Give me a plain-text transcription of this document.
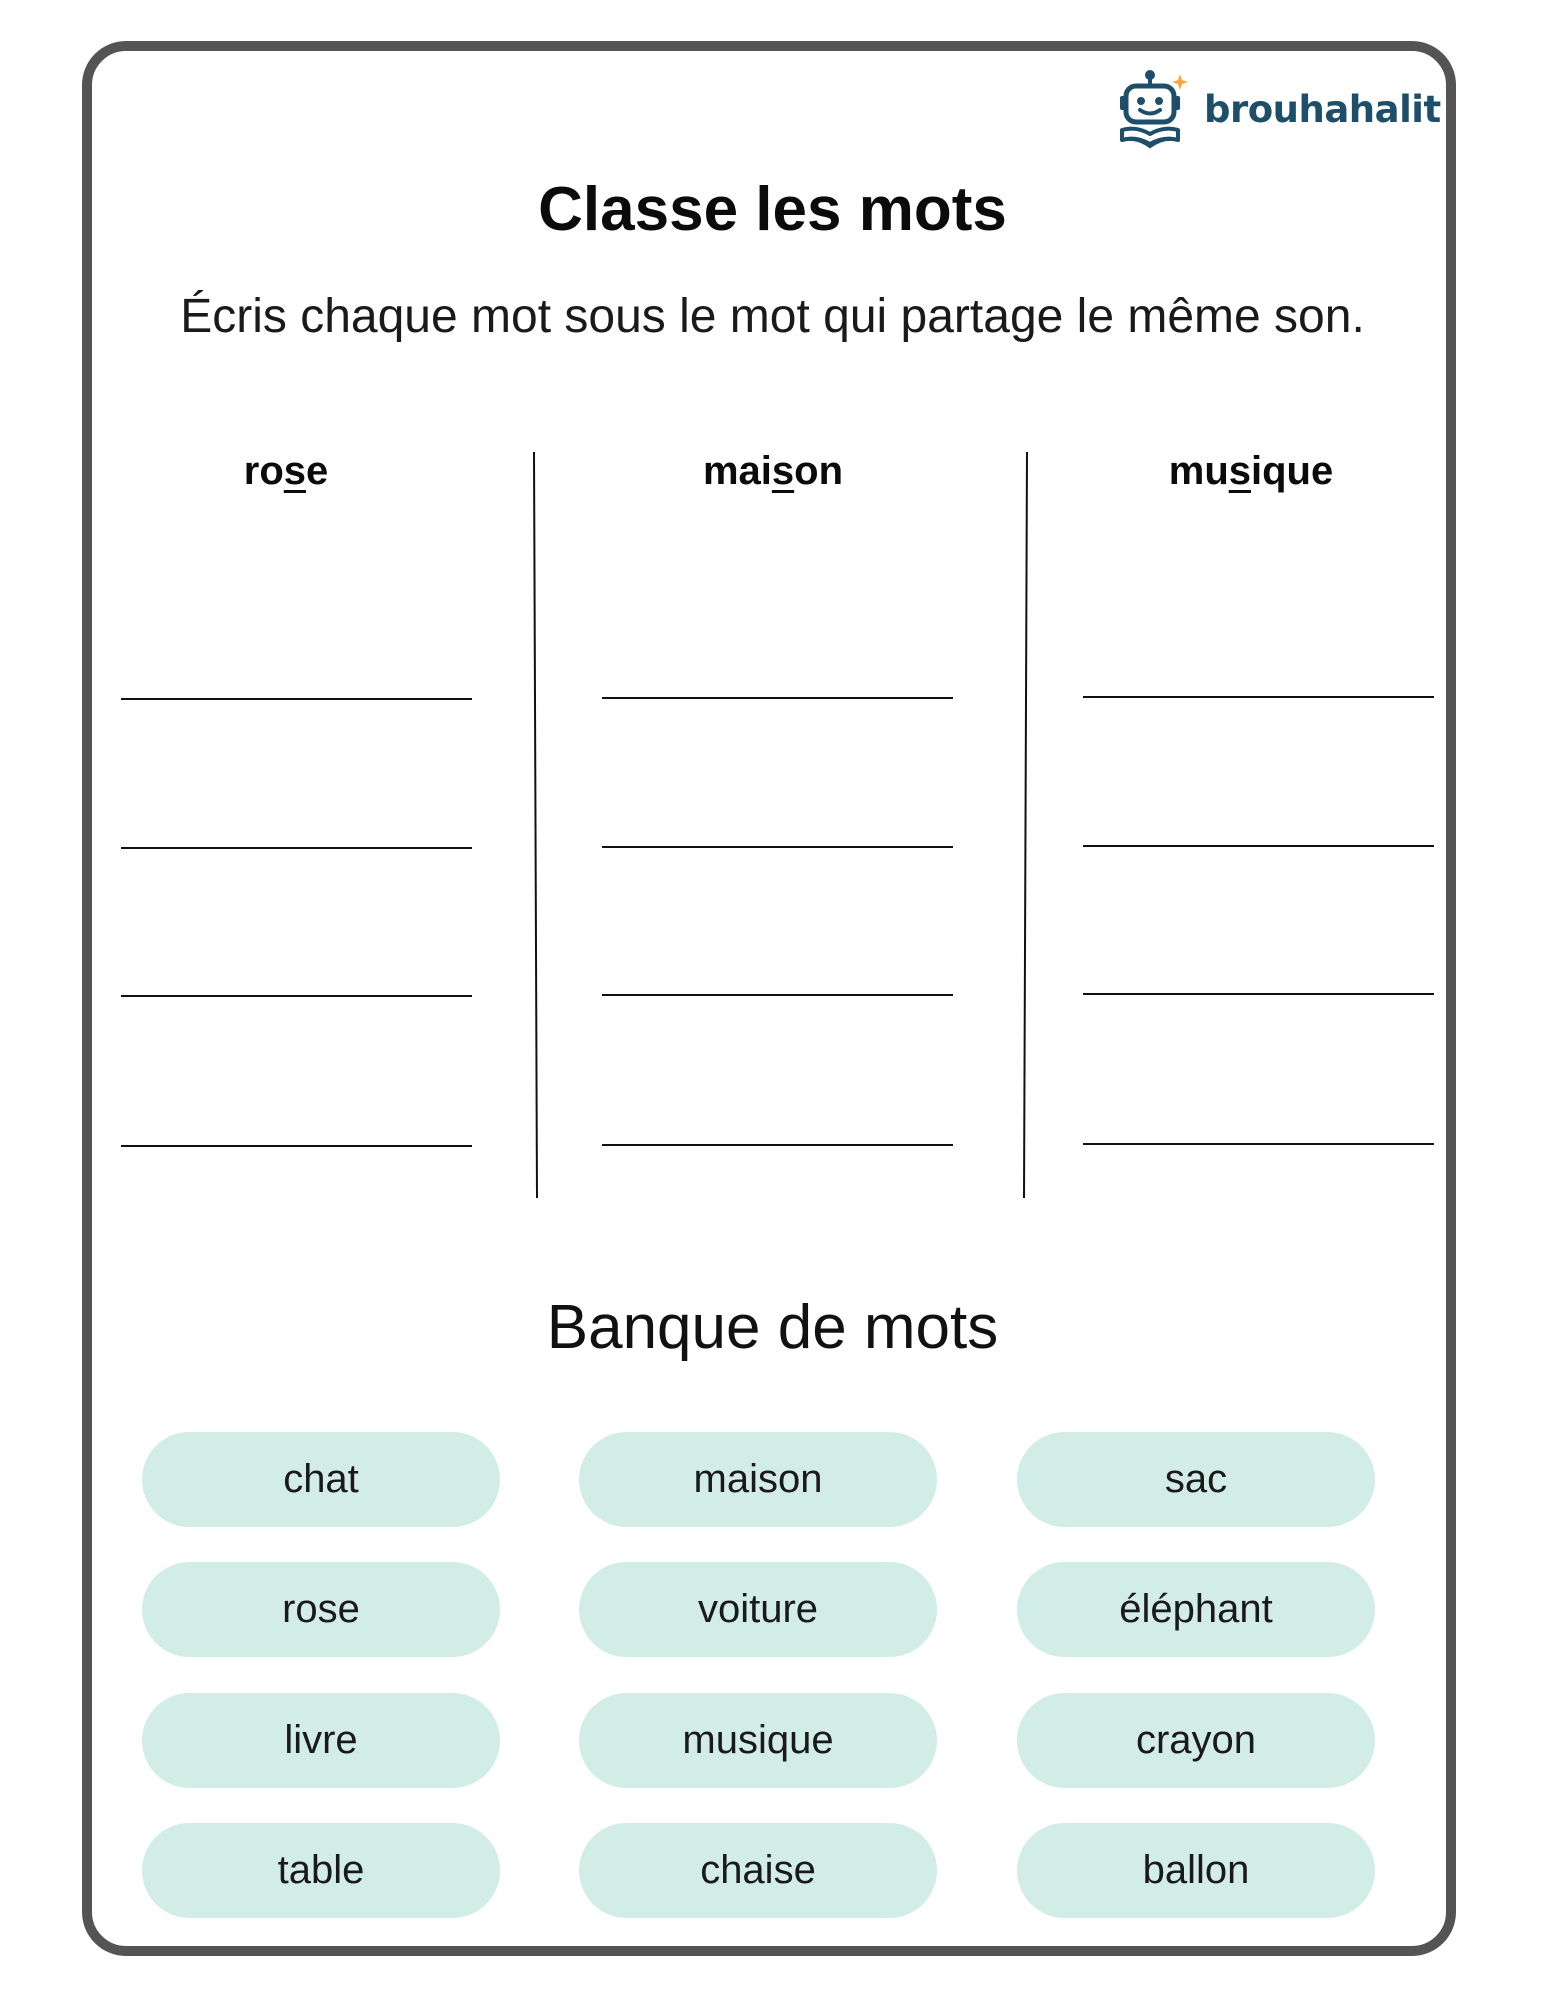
brouhahalit
Classe les mots
Écris chaque mot sous le mot qui partage le même son.
rose	maison	musique
Banque de mots
chat	maison	sac
rose	voiture	éléphant
livre	musique	crayon
table	chaise	ballon
